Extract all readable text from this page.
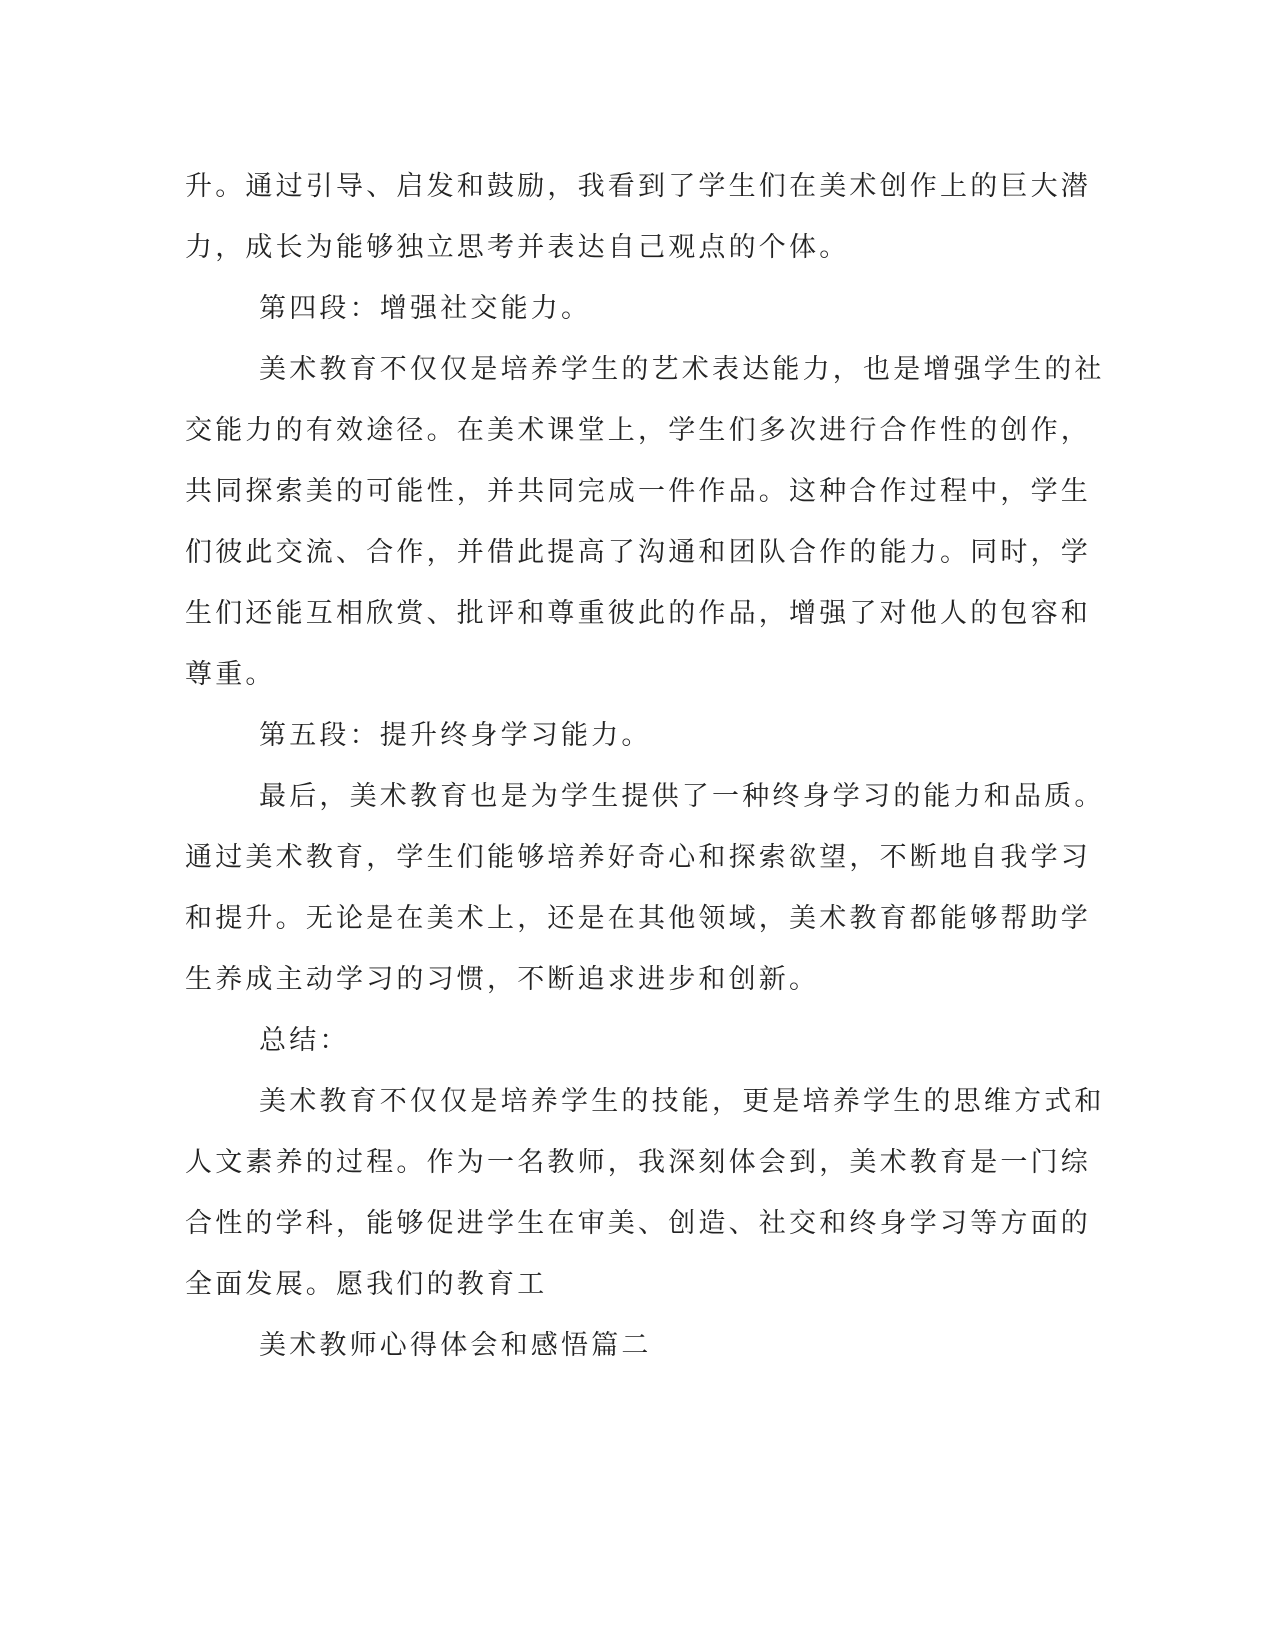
升。通过引导、启发和鼓励，我看到了学生们在美术创作上的巨大潜
力，成长为能够独立思考并表达自己观点的个体。
第四段：增强社交能力。
美术教育不仅仅是培养学生的艺术表达能力，也是增强学生的社
交能力的有效途径。在美术课堂上，学生们多次进行合作性的创作，
共同探索美的可能性，并共同完成一件作品。这种合作过程中，学生
们彼此交流、合作，并借此提高了沟通和团队合作的能力。同时，学
生们还能互相欣赏、批评和尊重彼此的作品，增强了对他人的包容和
尊重。
第五段：提升终身学习能力。
最后，美术教育也是为学生提供了一种终身学习的能力和品质。
通过美术教育，学生们能够培养好奇心和探索欲望，不断地自我学习
和提升。无论是在美术上，还是在其他领域，美术教育都能够帮助学
生养成主动学习的习惯，不断追求进步和创新。
总结：
美术教育不仅仅是培养学生的技能，更是培养学生的思维方式和
人文素养的过程。作为一名教师，我深刻体会到，美术教育是一门综
合性的学科，能够促进学生在审美、创造、社交和终身学习等方面的
全面发展。愿我们的教育工
美术教师心得体会和感悟篇二
